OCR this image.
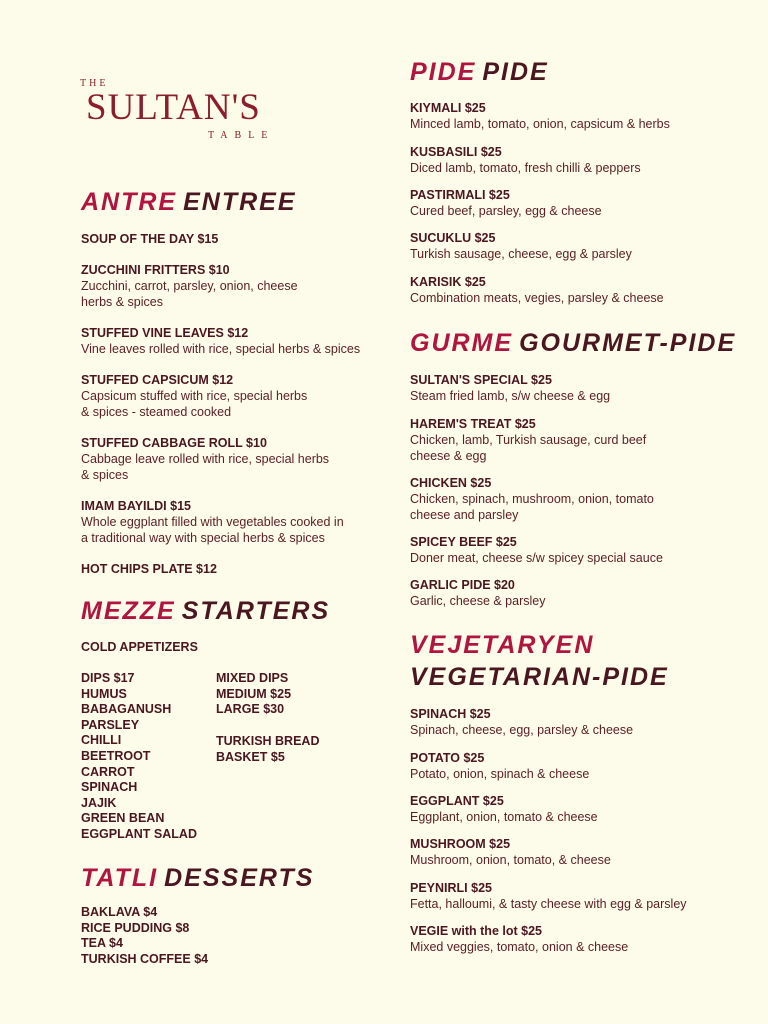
THE
SULTAN'S
TABLE
ANTRE ENTREE
SOUP OF THE DAY $15
ZUCCHINI FRITTERS $10
Zucchini, carrot, parsley, onion, cheese
herbs & spices
STUFFED VINE LEAVES $12
Vine leaves rolled with rice, special herbs & spices
STUFFED CAPSICUM $12
Capsicum stuffed with rice, special herbs
& spices - steamed cooked
STUFFED CABBAGE ROLL $10
Cabbage leave rolled with rice, special herbs
& spices
IMAM BAYILDI $15
Whole eggplant filled with vegetables cooked in
a traditional way with special herbs & spices
HOT CHIPS PLATE $12
MEZZE STARTERS
COLD APPETIZERS
DIPS $17
HUMUS
BABAGANUSH
PARSLEY
CHILLI
BEETROOT
CARROT
SPINACH
JAJIK
GREEN BEAN
EGGPLANT SALAD
MIXED DIPS
MEDIUM $25
LARGE $30
TURKISH BREAD
BASKET $5
TATLI DESSERTS
BAKLAVA $4
RICE PUDDING $8
TEA $4
TURKISH COFFEE $4
PIDE PIDE
KIYMALI $25
Minced lamb, tomato, onion, capsicum & herbs
KUSBASILI $25
Diced lamb, tomato, fresh chilli & peppers
PASTIRMALI $25
Cured beef, parsley, egg & cheese
SUCUKLU $25
Turkish sausage, cheese, egg & parsley
KARISIK $25
Combination meats, vegies, parsley & cheese
GURME GOURMET-PIDE
SULTAN'S SPECIAL $25
Steam fried lamb, s/w cheese & egg
HAREM'S TREAT $25
Chicken, lamb, Turkish sausage, curd beef
cheese & egg
CHICKEN $25
Chicken, spinach, mushroom, onion, tomato
cheese and parsley
SPICEY BEEF $25
Doner meat, cheese s/w spicey special sauce
GARLIC PIDE $20
Garlic, cheese & parsley
VEJETARYEN
VEGETARIAN-PIDE
SPINACH $25
Spinach, cheese, egg, parsley & cheese
POTATO $25
Potato, onion, spinach & cheese
EGGPLANT $25
Eggplant, onion, tomato & cheese
MUSHROOM $25
Mushroom, onion, tomato, & cheese
PEYNIRLI $25
Fetta, halloumi, & tasty cheese with egg & parsley
VEGIE with the lot $25
Mixed veggies, tomato, onion & cheese
